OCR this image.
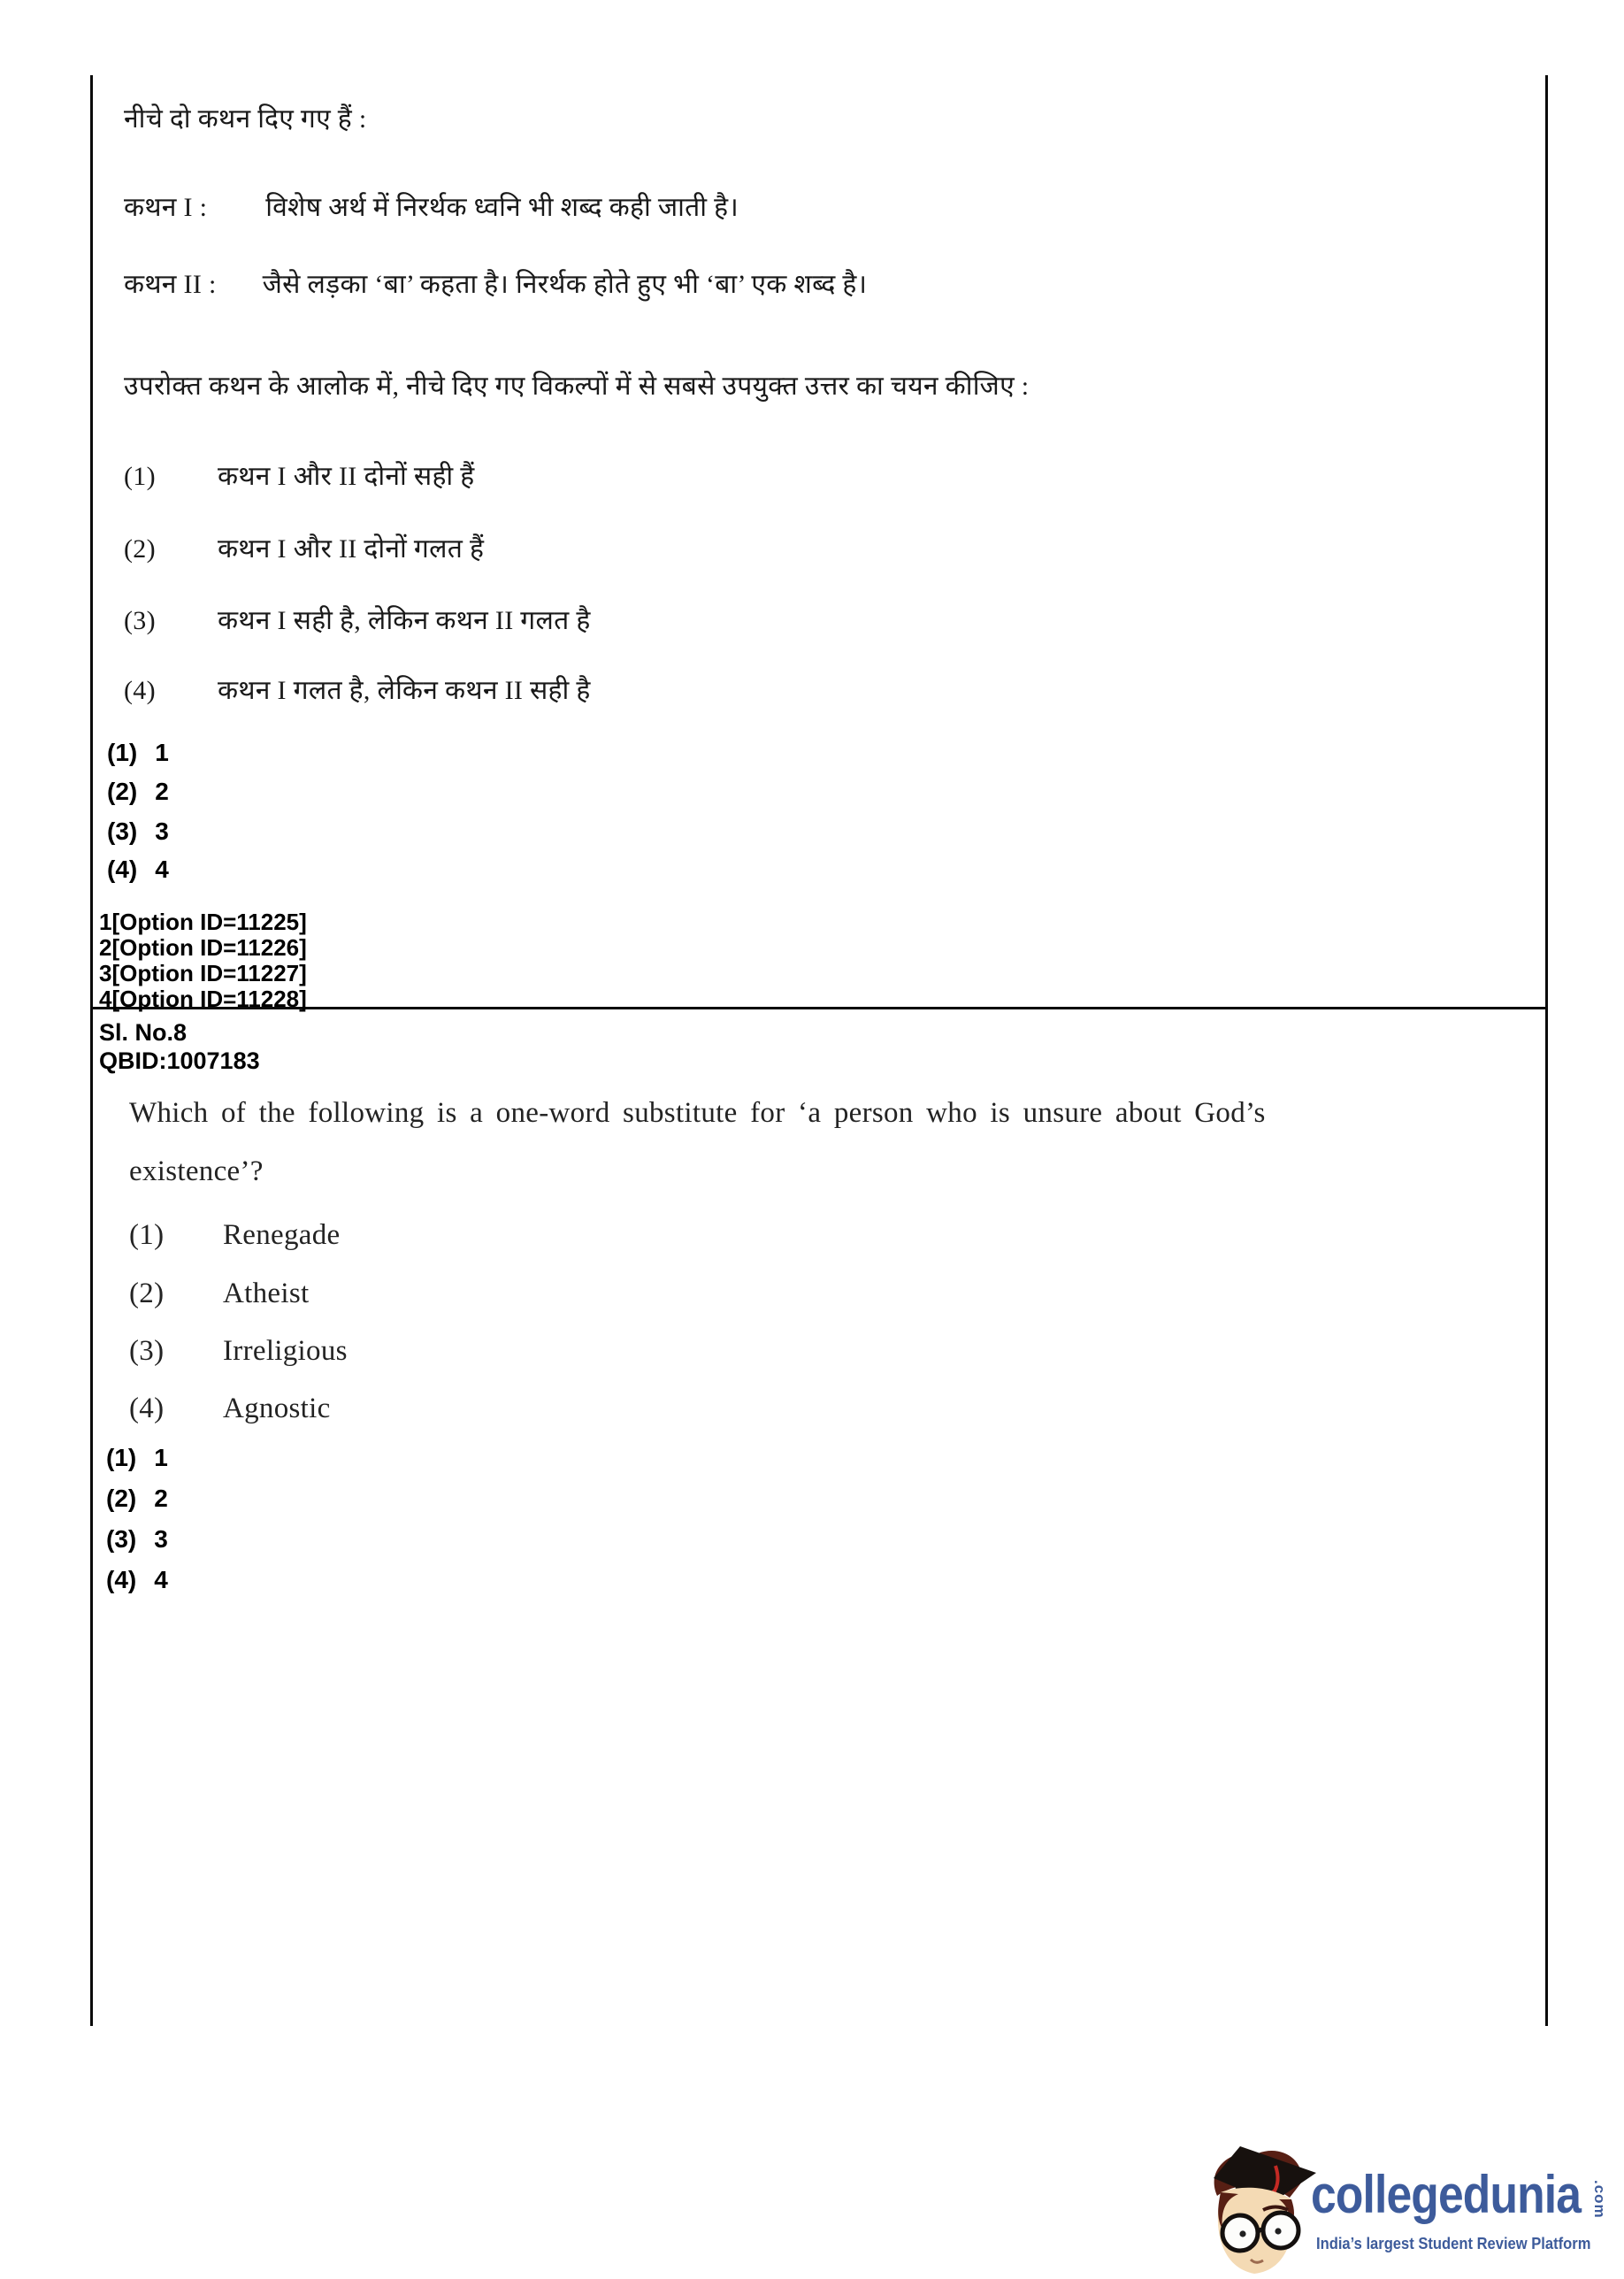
नीचे दो कथन दिए गए हैं :
कथन I : विशेष अर्थ में निरर्थक ध्वनि भी शब्द कही जाती है।
कथन II : जैसे लड़का ‘बा’ कहता है। निरर्थक होते हुए भी ‘बा’ एक शब्द है।
उपरोक्त कथन के आलोक में, नीचे दिए गए विकल्पों में से सबसे उपयुक्त उत्तर का चयन कीजिए :
(1) कथन I और II दोनों सही हैं
(2) कथन I और II दोनों गलत हैं
(3) कथन I सही है, लेकिन कथन II गलत है
(4) कथन I गलत है, लेकिन कथन II सही है
(1) 1
(2) 2
(3) 3
(4) 4
1[Option ID=11225]
2[Option ID=11226]
3[Option ID=11227]
4[Option ID=11228]
Sl. No.8
QBID:1007183
Which of the following is a one-word substitute for ‘a person who is unsure about God’s
existence’?
(1) Renegade
(2) Atheist
(3) Irreligious
(4) Agnostic
(1) 1
(2) 2
(3) 3
(4) 4
collegedunia .com
India’s largest Student Review Platform
